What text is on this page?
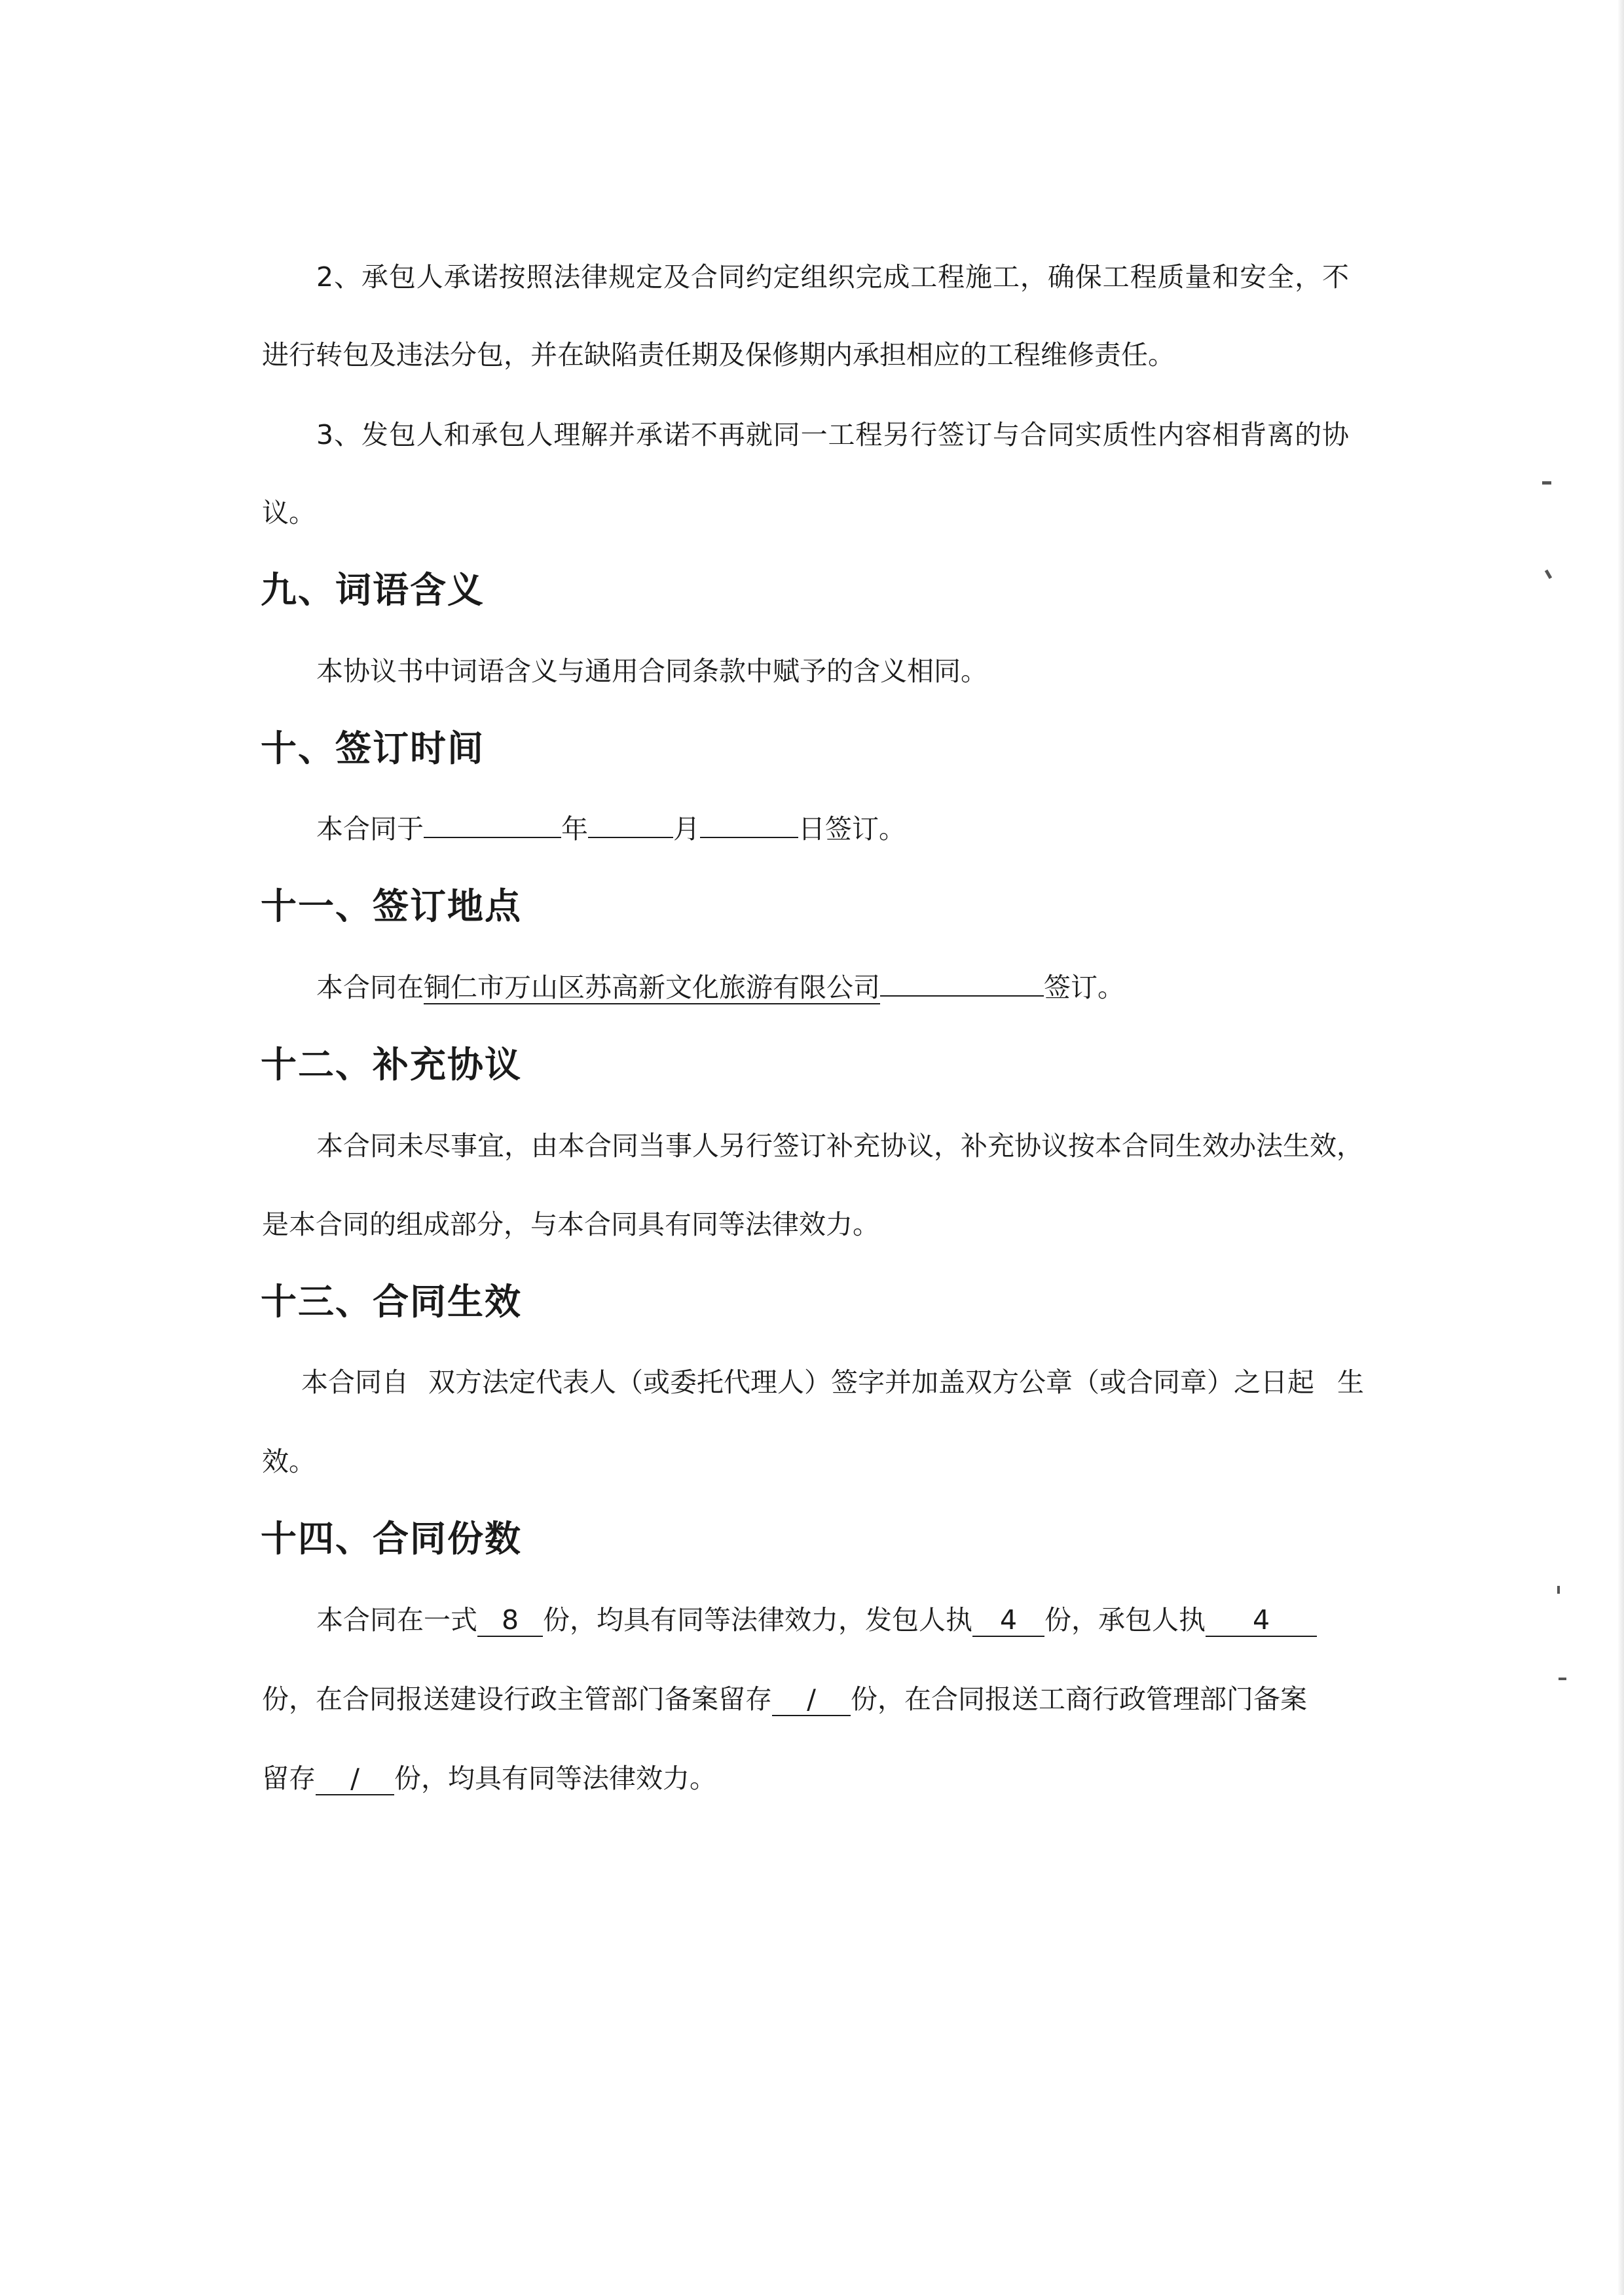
2、承包人承诺按照法律规定及合同约定组织完成工程施工，确保工程质量和安全，不
进行转包及违法分包，并在缺陷责任期及保修期内承担相应的工程维修责任。
3、发包人和承包人理解并承诺不再就同一工程另行签订与合同实质性内容相背离的协
议。
九、词语含义
本协议书中词语含义与通用合同条款中赋予的含义相同。
十、签订时间
本合同于	年	月	日签订。
十一、签订地点
本合同在铜仁市万山区苏高新文化旅游有限公司	签订。
十二、补充协议
本合同未尽事宜，由本合同当事人另行签订补充协议，补充协议按本合同生效办法生效，
是本合同的组成部分，与本合同具有同等法律效力。
十三、合同生效
本合同自 双方法定代表人（或委托代理人）签字并加盖双方公章（或合同章）之日起 生
效。
十四、合同份数
本合同在一式 8 份，均具有同等法律效力，发包人执 4 份，承包人执 4
份，在合同报送建设行政主管部门备案留存 / 份，在合同报送工商行政管理部门备案
留存 / 份，均具有同等法律效力。
